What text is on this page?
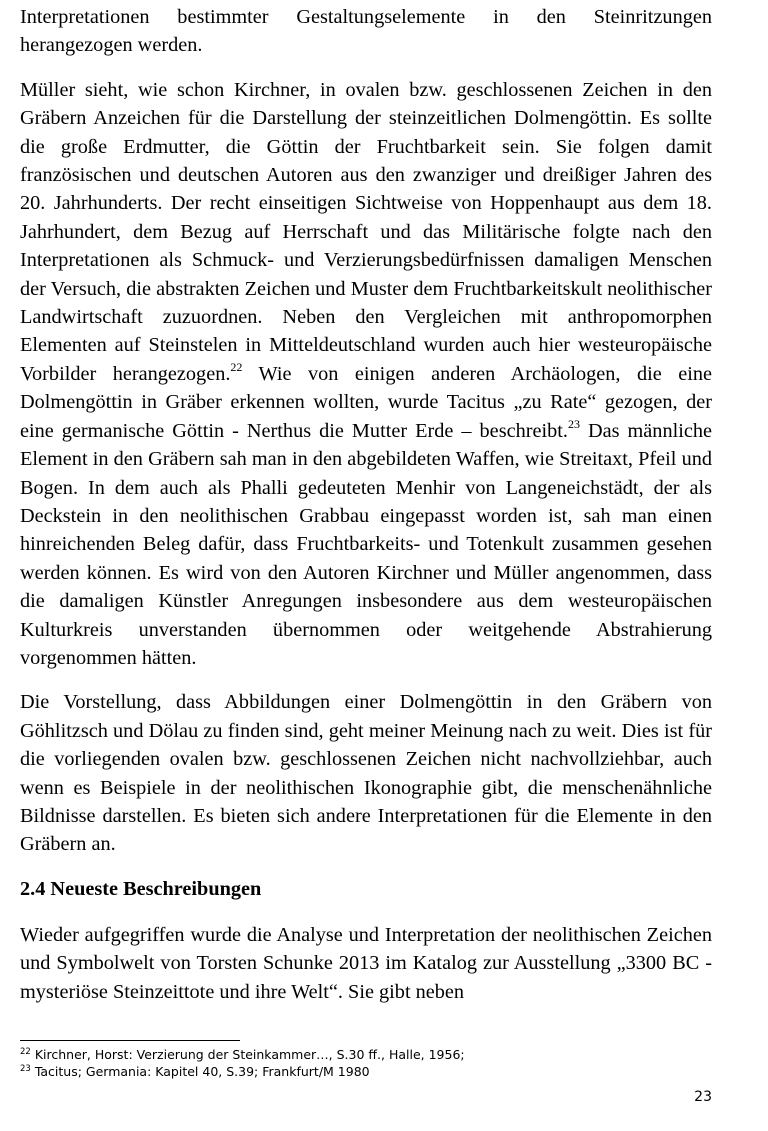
Interpretationen bestimmter Gestaltungselemente in den Steinritzungen herangezogen werden.

Müller sieht, wie schon Kirchner, in ovalen bzw. geschlossenen Zeichen in den Gräbern Anzeichen für die Darstellung der steinzeitlichen Dolmengöttin. Es sollte die große Erdmutter, die Göttin der Fruchtbarkeit sein. Sie folgen damit französischen und deutschen Autoren aus den zwanziger und dreißiger Jahren des 20. Jahrhunderts. Der recht einseitigen Sichtweise von Hoppenhaupt aus dem 18. Jahrhundert, dem Bezug auf Herrschaft und das Militärische folgte nach den Interpretationen als Schmuck- und Verzierungsbedürfnissen damaligen Menschen der Versuch, die abstrakten Zeichen und Muster dem Fruchtbarkeitskult neolithischer Landwirtschaft zuzuordnen. Neben den Vergleichen mit anthropomorphen Elementen auf Steinstelen in Mitteldeutschland wurden auch hier westeuropäische Vorbilder herangezogen.$^{22}$ Wie von einigen anderen Archäologen, die eine Dolmengöttin in Gräber erkennen wollten, wurde Tacitus „zu Rate“ gezogen, der eine germanische Göttin - Nerthus die Mutter Erde – beschreibt.$^{23}$ Das männliche Element in den Gräbern sah man in den abgebildeten Waffen, wie Streitaxt, Pfeil und Bogen. In dem auch als Phalli gedeuteten Menhir von Langeneichstädt, der als Deckstein in den neolithischen Grabbau eingepasst worden ist, sah man einen hinreichenden Beleg dafür, dass Fruchtbarkeits- und Totenkult zusammen gesehen werden können. Es wird von den Autoren Kirchner und Müller angenommen, dass die damaligen Künstler Anregungen insbesondere aus dem westeuropäischen Kulturkreis unverstanden übernommen oder weitgehende Abstrahierung vorgenommen hätten.

Die Vorstellung, dass Abbildungen einer Dolmengöttin in den Gräbern von Göhlitzsch und Dölau zu finden sind, geht meiner Meinung nach zu weit. Dies ist für die vorliegenden ovalen bzw. geschlossenen Zeichen nicht nachvollziehbar, auch wenn es Beispiele in der neolithischen Ikonographie gibt, die menschenähnliche Bildnisse darstellen. Es bieten sich andere Interpretationen für die Elemente in den Gräbern an.

2.4 Neueste Beschreibungen

Wieder aufgegriffen wurde die Analyse und Interpretation der neolithischen Zeichen und Symbolwelt von Torsten Schunke 2013 im Katalog zur Ausstellung „3300 BC - mysteriöse Steinzeittote und ihre Welt“. Sie gibt neben

$^{22}$ Kirchner, Horst: Verzierung der Steinkammer…, S.30 ff., Halle, 1956;
$^{23}$ Tacitus; Germania: Kapitel 40, S.39; Frankfurt/M 1980
23
